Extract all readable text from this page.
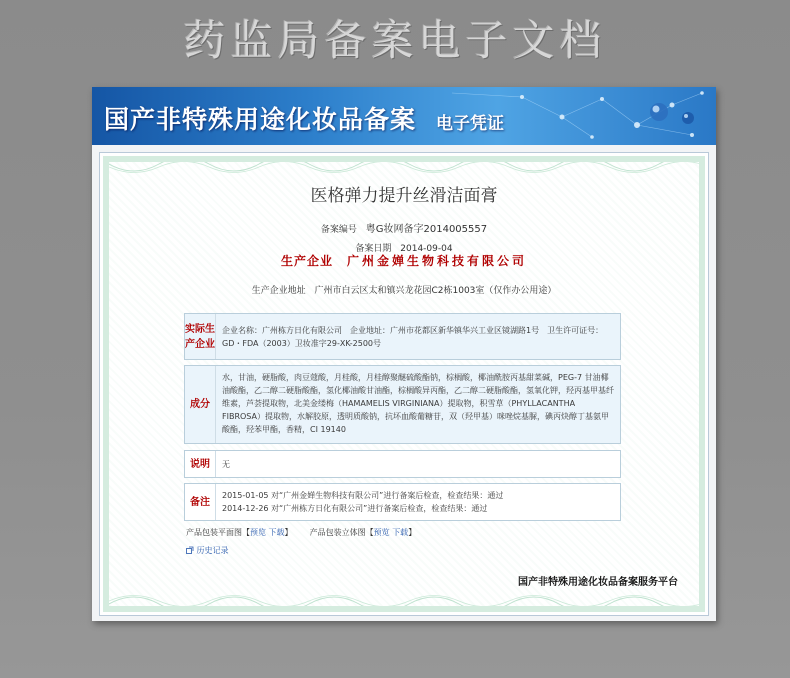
药监局备案电子文档
国产非特殊用途化妆品备案 电子凭证
医格弹力提升丝滑洁面膏
备案编号 粤G妆网备字2014005557
备案日期 2014-09-04
生产企业 广州金婵生物科技有限公司
生产企业地址 广州市白云区太和镇兴龙花园C2栋1003室（仅作办公用途）
实际生产企业
企业名称：广州栋方日化有限公司　企业地址：广州市花都区新华镇华兴工业区镜湖路1号　卫生许可证号：GD・FDA（2003）卫妆准字29-XK-2500号
成分
水，甘油，硬脂酸，肉豆蔻酸，月桂酸，月桂醇聚醚硫酸酯钠，棕榈酸，椰油酰胺丙基甜菜碱，PEG-7 甘油椰油酸酯，乙二醇二硬脂酸酯，氢化椰油酸甘油酯，棕榈酸异丙酯，乙二醇二硬脂酸酯，氢氧化钾，羟丙基甲基纤维素，芦荟提取物，北美金缕梅（HAMAMELIS VIRGINIANA）提取物，积雪草（PHYLLACANTHA FIBROSA）提取物，水解胶原，透明质酸钠，抗坏血酸葡糖苷，双（羟甲基）咪唑烷基脲，碘丙炔醇丁基氨甲酸酯，羟苯甲酯，香精，CI 19140
说明	无
备注
2015-01-05 对“广州金婵生物科技有限公司”进行备案后检查，检查结果：通过
2014-12-26 对“广州栋方日化有限公司”进行备案后检查，检查结果：通过
产品包装平面图【预览 下载】 产品包装立体图【预览 下载】
历史记录
国产非特殊用途化妆品备案服务平台
